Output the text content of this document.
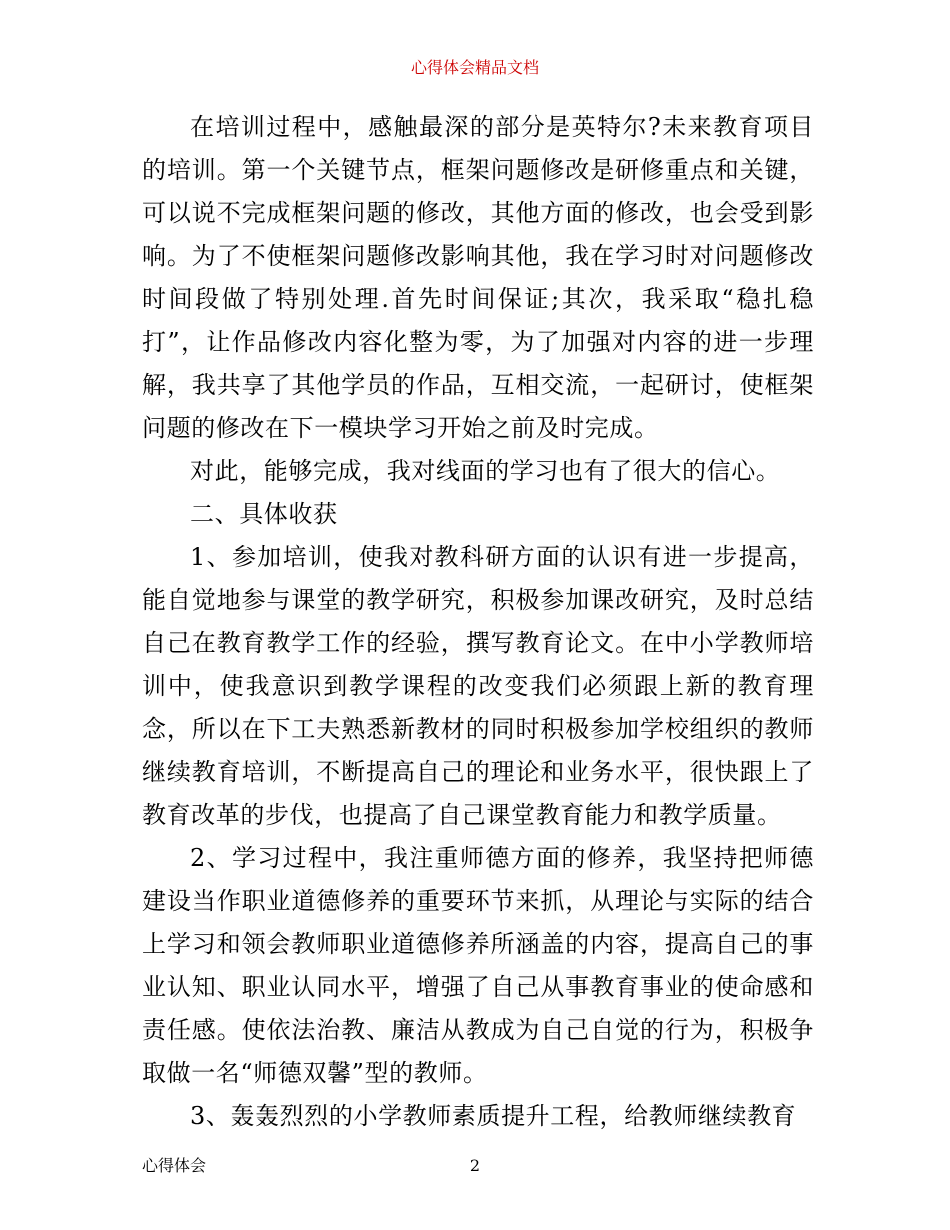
心得体会精品文档

在培训过程中，感触最深的部分是英特尔?未来教育项目的培训。第一个关键节点，框架问题修改是研修重点和关键，可以说不完成框架问题的修改，其他方面的修改，也会受到影响。为了不使框架问题修改影响其他，我在学习时对问题修改时间段做了特别处理.首先时间保证;其次，我采取“稳扎稳打”，让作品修改内容化整为零，为了加强对内容的进一步理解，我共享了其他学员的作品，互相交流，一起研讨，使框架问题的修改在下一模块学习开始之前及时完成。

对此，能够完成，我对线面的学习也有了很大的信心。

二、具体收获

1、参加培训，使我对教科研方面的认识有进一步提高，能自觉地参与课堂的教学研究，积极参加课改研究，及时总结自己在教育教学工作的经验，撰写教育论文。在中小学教师培训中，使我意识到教学课程的改变我们必须跟上新的教育理念，所以在下工夫熟悉新教材的同时积极参加学校组织的教师继续教育培训，不断提高自己的理论和业务水平，很快跟上了教育改革的步伐，也提高了自己课堂教育能力和教学质量。

2、学习过程中，我注重师德方面的修养，我坚持把师德建设当作职业道德修养的重要环节来抓，从理论与实际的结合上学习和领会教师职业道德修养所涵盖的内容，提高自己的事业认知、职业认同水平，增强了自己从事教育事业的使命感和责任感。使依法治教、廉洁从教成为自己自觉的行为，积极争取做一名“师德双馨”型的教师。

3、轰轰烈烈的小学教师素质提升工程，给教师继续教育

心得体会	2
